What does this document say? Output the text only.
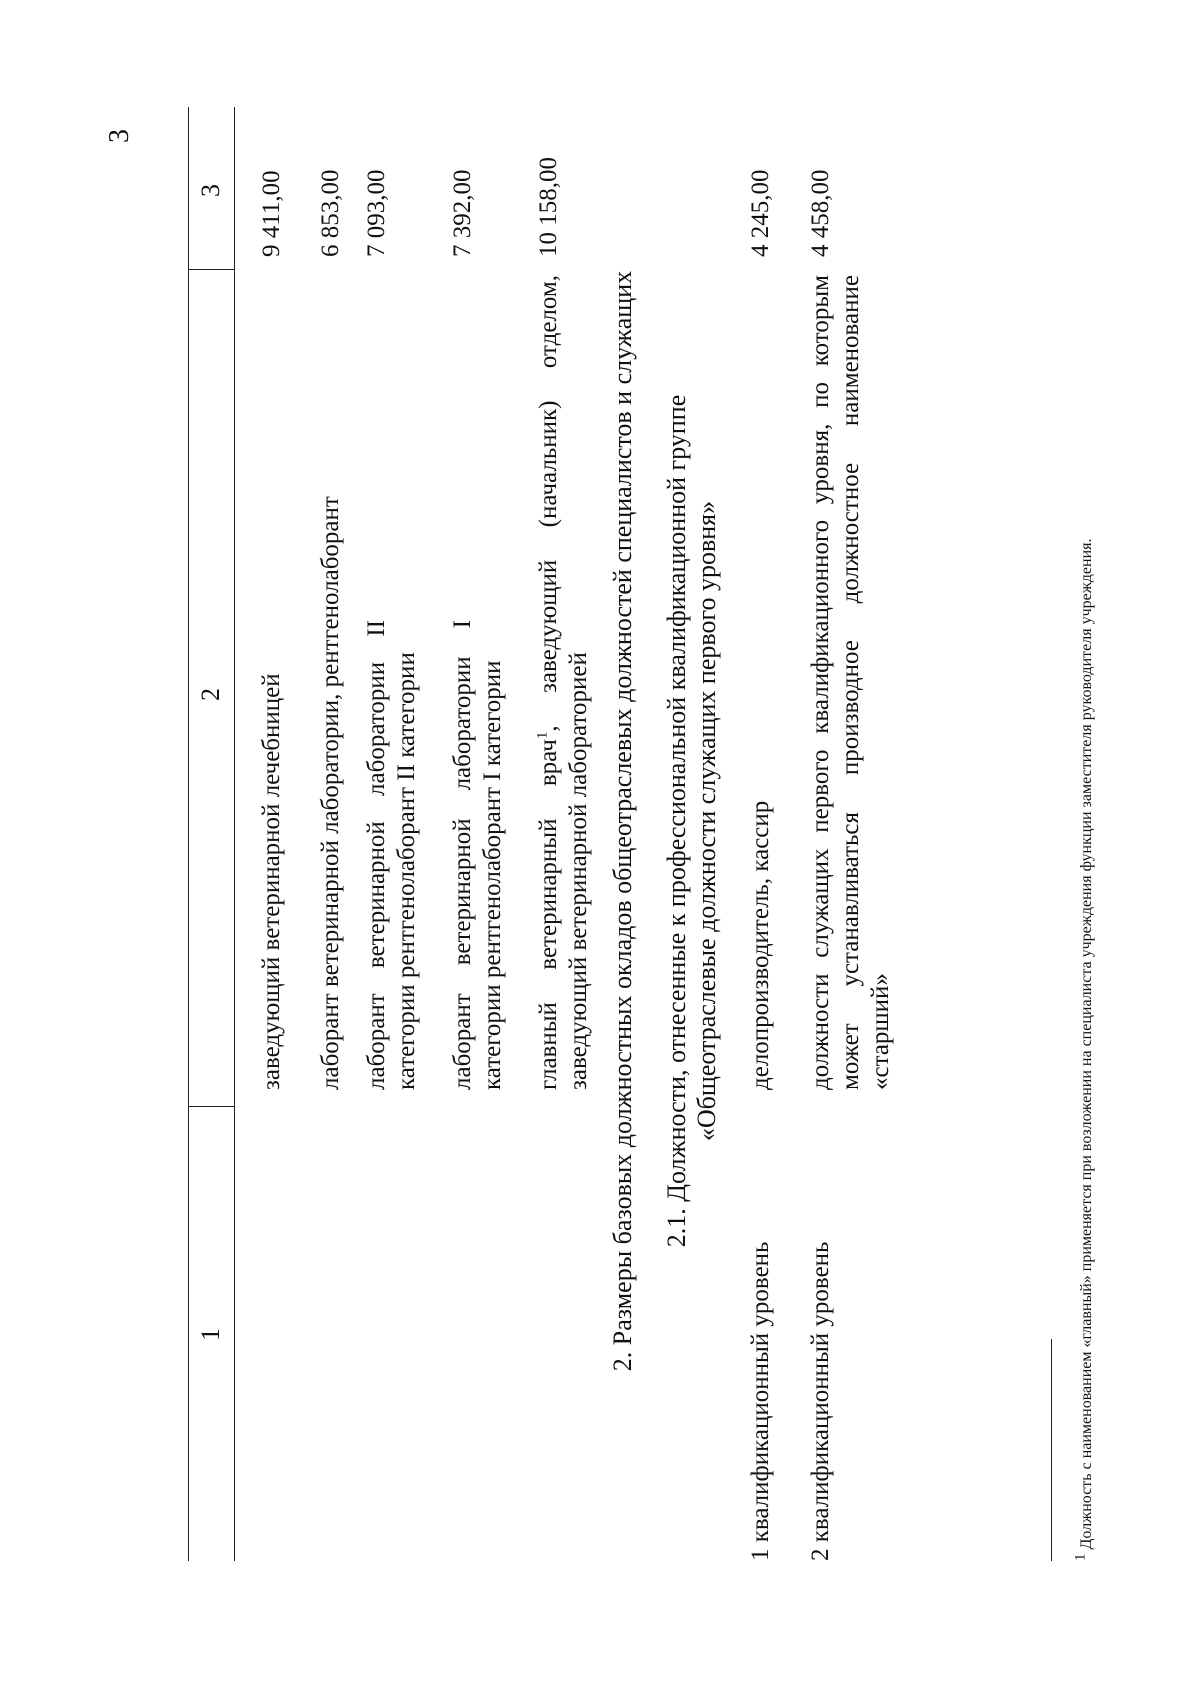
3
1
2
3
заведующий ветеринарной лечебницей
9 411,00
лаборант ветеринарной лаборатории, рентгенолаборант
6 853,00
лаборант ветеринарной лаборатории II категории рентгенолаборант II категории
7 093,00
лаборант ветеринарной лаборатории I категории рентгенолаборант I категории
7 392,00
главный ветеринарный врач$^1$, заведующий (начальник) отделом, заведующий ветеринарной лабораторией
10 158,00
2. Размеры базовых должностных окладов общеотраслевых должностей специалистов и служащих 2.1. Должности, отнесенные к профессиональной квалификационной группе «Общеотраслевые должности служащих первого уровня»
1 квалификационный уровень
делопроизводитель, кассир
4 245,00
2 квалификационный уровень
должности служащих первого квалификационного уровня, по которым может устанавливаться производное должностное наименование «старший»
4 458,00
$^1$ Должность с наименованием «главный» применяется при возложении на специалиста учреждения функции заместителя руководителя учреждения.
